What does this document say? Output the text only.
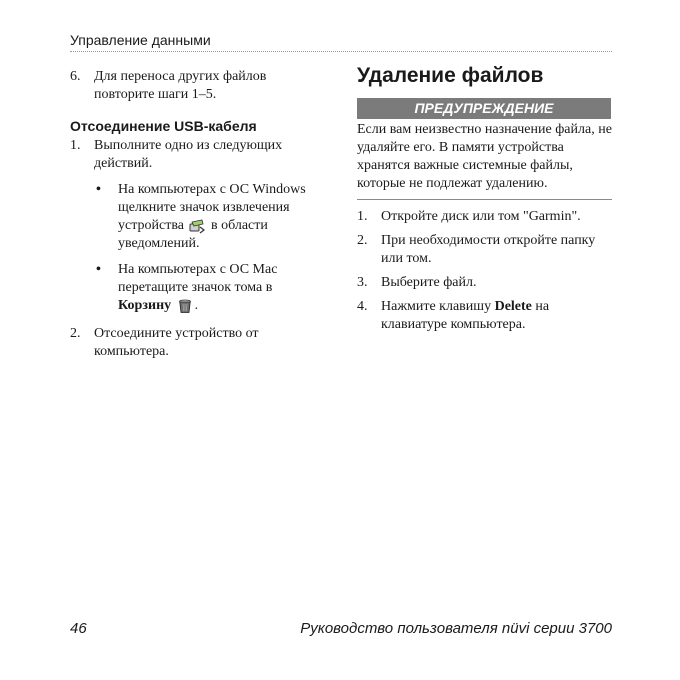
Управление данными
6. Для переноса других файлов повторите шаги 1–5.
Отсоединение USB-кабеля
1. Выполните одно из следующих действий.
•	На компьютерах с ОС Windows щелкните значок извлечения устройства в области уведомлений.
•	На компьютерах с ОС Mac перетащите значок тома в Корзину .
2. Отсоедините устройство от компьютера.
Удаление файлов
ПРЕДУПРЕЖДЕНИЕ
Если вам неизвестно назначение файла, не удаляйте его. В памяти устройства хранятся важные системные файлы, которые не подлежат удалению.
1. Откройте диск или том "Garmin".
2. При необходимости откройте папку или том.
3. Выберите файл.
4. Нажмите клавишу Delete на клавиатуре компьютера.
46	Руководство пользователя nüvi серии 3700
